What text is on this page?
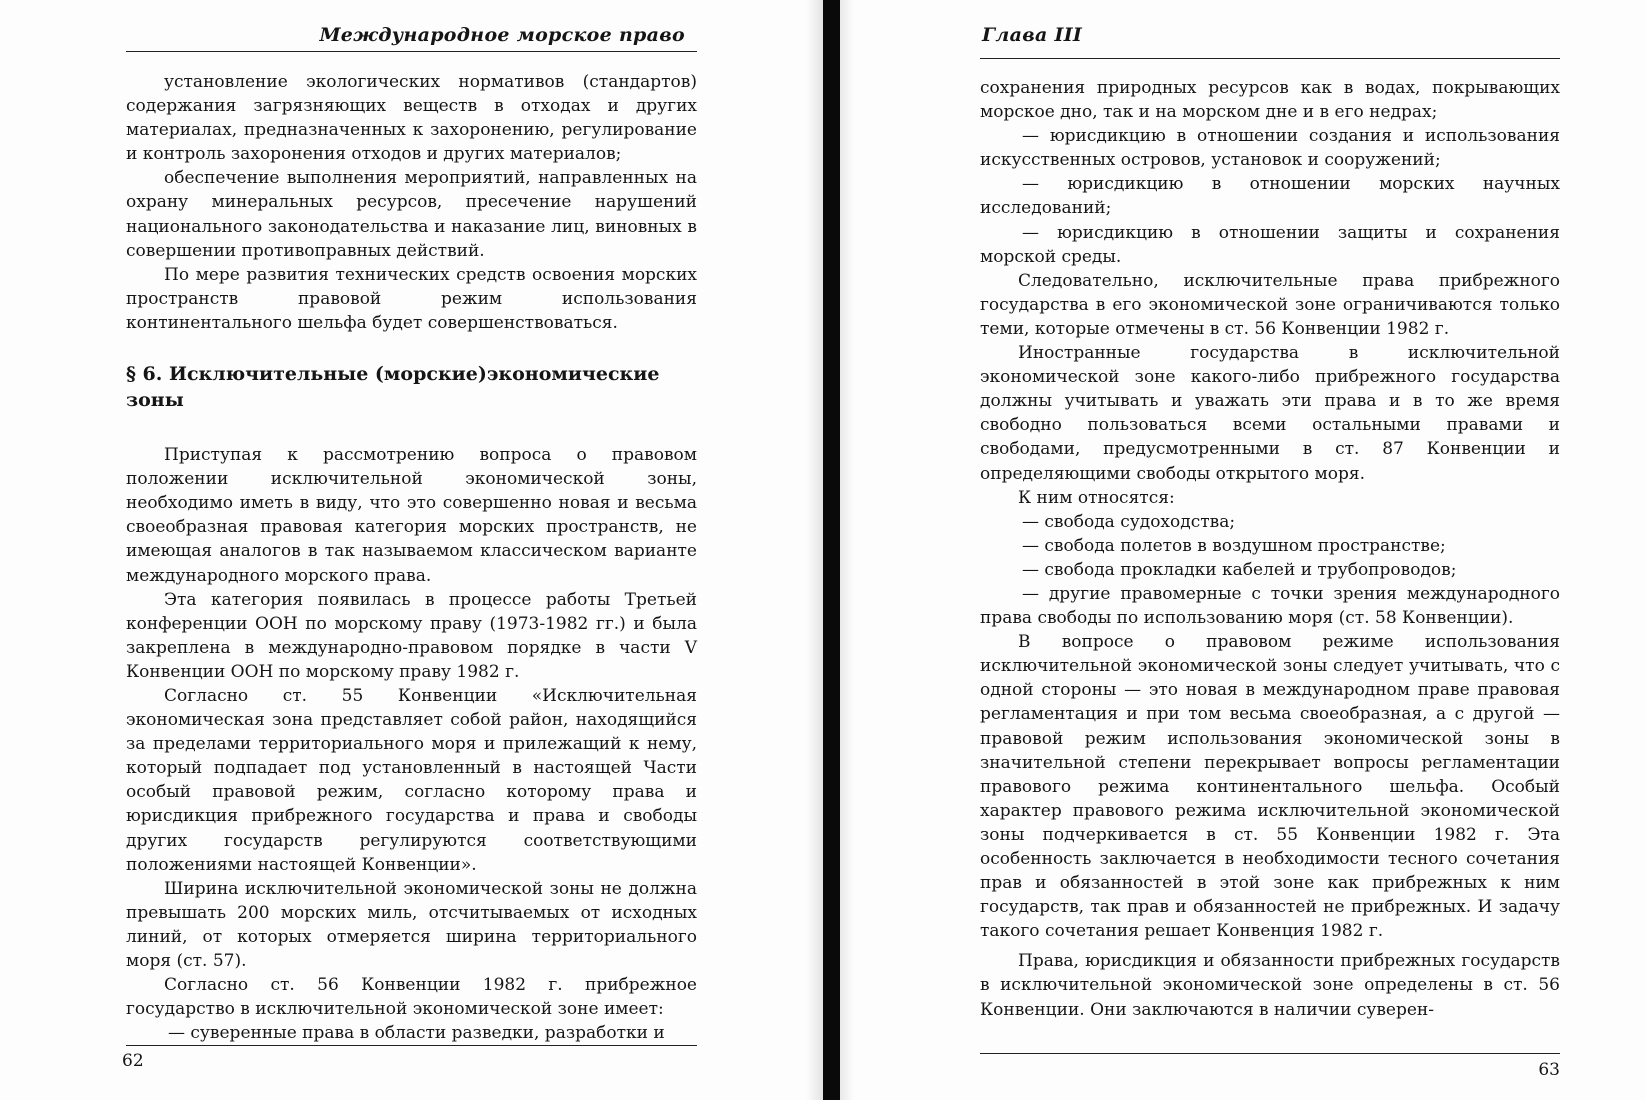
Международное морское право

установление экологических нормативов (стандартов) содержания загрязняющих веществ в отходах и других материалах, предназначенных к захоронению, регулирование и контроль захоронения отходов и других материалов;

обеспечение выполнения мероприятий, направленных на охрану минеральных ресурсов, пресечение нарушений национального законодательства и наказание лиц, виновных в совершении противоправных действий.

По мере развития технических средств освоения морских пространств правовой режим использования континентального шельфа будет совершенствоваться.

§ 6. Исключительные (морские)экономические зоны

Приступая к рассмотрению вопроса о правовом положении исключительной экономической зоны, необходимо иметь в виду, что это совершенно новая и весьма своеобразная правовая категория морских пространств, не имеющая аналогов в так называемом классическом варианте международного морского права.

Эта категория появилась в процессе работы Третьей конференции ООН по морскому праву (1973-1982 гг.) и была закреплена в международно-правовом порядке в части V Конвенции ООН по морскому праву 1982 г.

Согласно ст. 55 Конвенции «Исключительная экономическая зона представляет собой район, находящийся за пределами территориального моря и прилежащий к нему, который подпадает под установленный в настоящей Части особый правовой режим, согласно которому права и юрисдикция прибрежного государства и права и свободы других государств регулируются соответствующими положениями настоящей Конвенции».

Ширина исключительной экономической зоны не должна превышать 200 морских миль, отсчитываемых от исходных линий, от которых отмеряется ширина территориального моря (ст. 57).

Согласно ст. 56 Конвенции 1982 г. прибрежное государство в исключительной экономической зоне имеет:

— суверенные права в области разведки, разработки и

62
Глава III

сохранения природных ресурсов как в водах, покрывающих морское дно, так и на морском дне и в его недрах;

— юрисдикцию в отношении создания и использования искусственных островов, установок и сооружений;

— юрисдикцию в отношении морских научных исследований;

— юрисдикцию в отношении защиты и сохранения морской среды.

Следовательно, исключительные права прибрежного государства в его экономической зоне ограничиваются только теми, которые отмечены в ст. 56 Конвенции 1982 г.

Иностранные государства в исключительной экономической зоне какого-либо прибрежного государства должны учитывать и уважать эти права и в то же время свободно пользоваться всеми остальными правами и свободами, предусмотренными в ст. 87 Конвенции и определяющими свободы открытого моря.

К ним относятся:

— свобода судоходства;

— свобода полетов в воздушном пространстве;

— свобода прокладки кабелей и трубопроводов;

— другие правомерные с точки зрения международного права свободы по использованию моря (ст. 58 Конвенции).

В вопросе о правовом режиме использования исключительной экономической зоны следует учитывать, что с одной стороны — это новая в международном праве правовая регламентация и при том весьма своеобразная, а с другой — правовой режим использования экономической зоны в значительной степени перекрывает вопросы регламентации правового режима континентального шельфа. Особый характер правового режима исключительной экономической зоны подчеркивается в ст. 55 Конвенции 1982 г. Эта особенность заключается в необходимости тесного сочетания прав и обязанностей в этой зоне как прибрежных к ним государств, так прав и обязанностей не прибрежных. И задачу такого сочетания решает Конвенция 1982 г.

Права, юрисдикция и обязанности прибрежных государств в исключительной экономической зоне определены в ст. 56 Конвенции. Они заключаются в наличии суверен-

63
